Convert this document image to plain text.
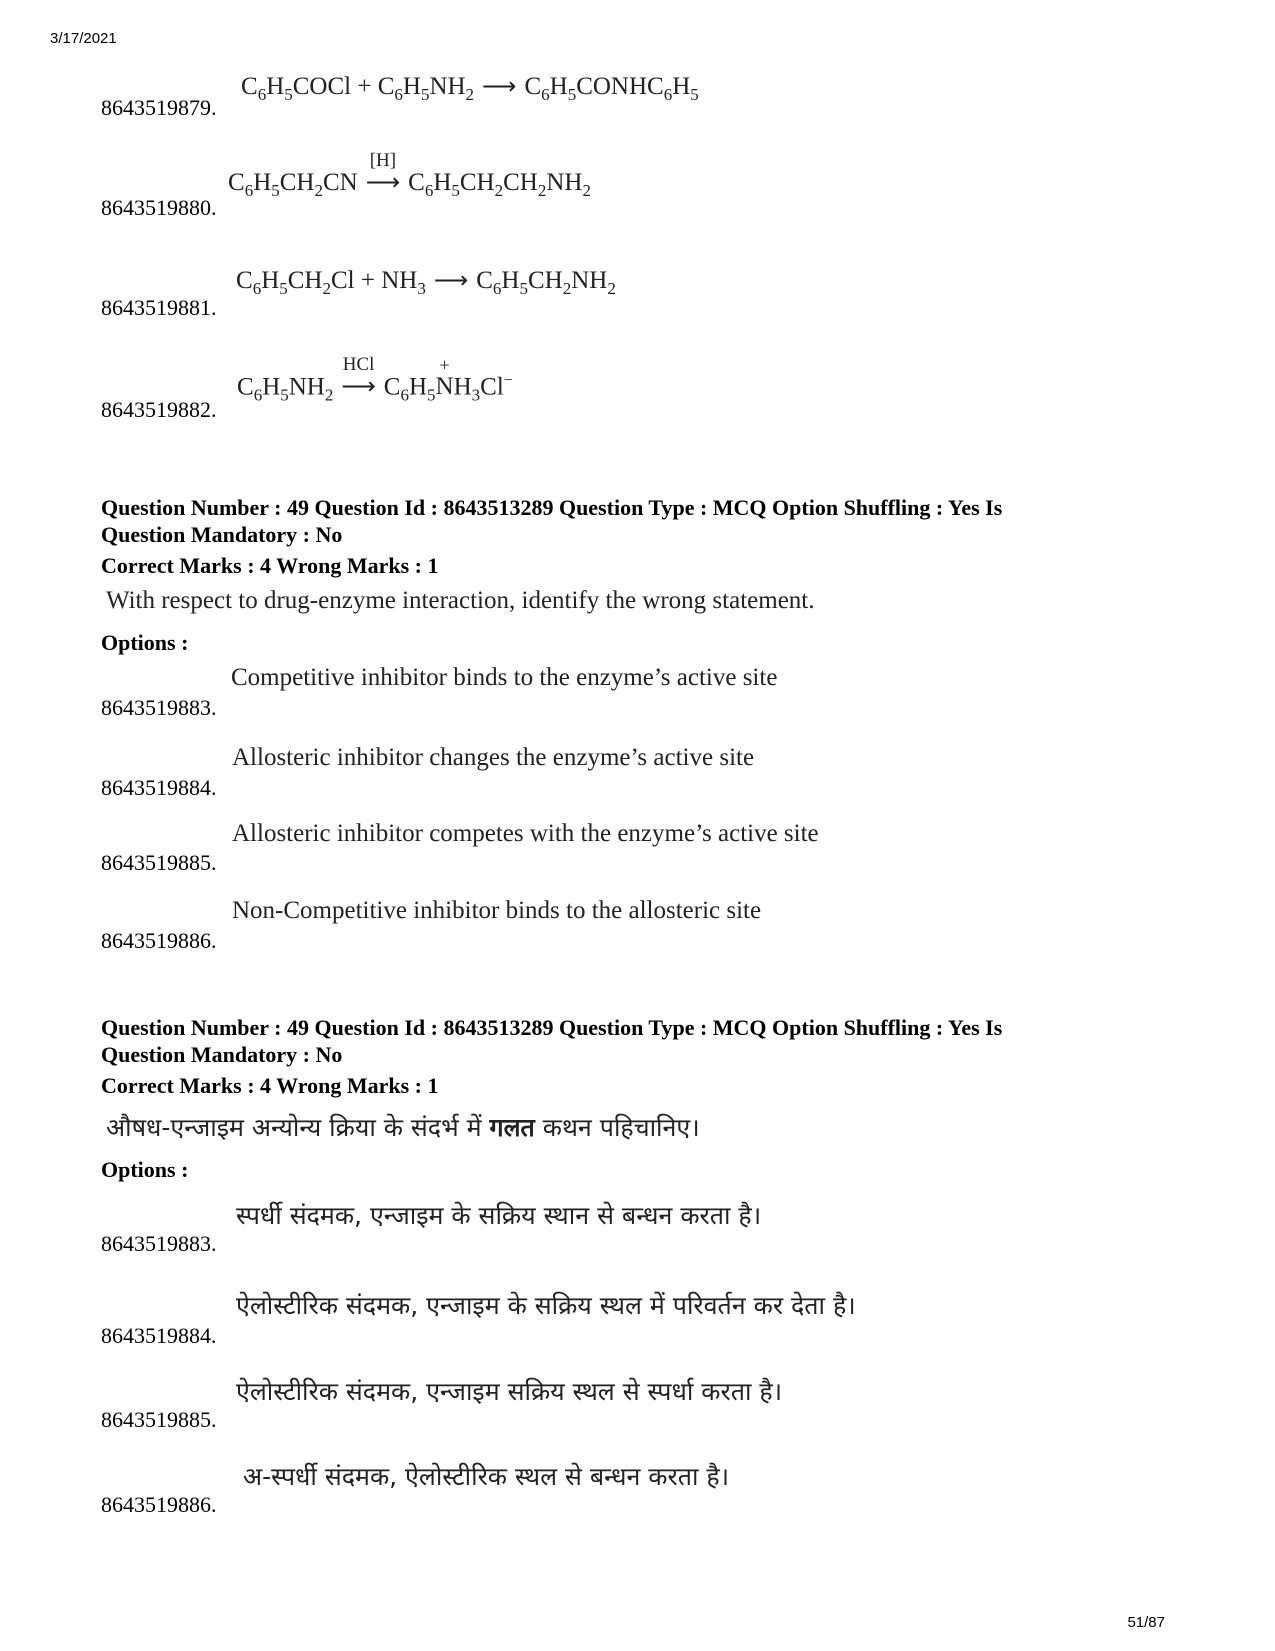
3/17/2021
8643519879.
$C_6H_5COCl + C_6H_5NH_2$ ⟶ $C_6H_5CONHC_6H_5$
8643519880.
$C_6H_5CH_2CN$
[H]
⟶ $C_6H_5CH_2CH_2NH_2$
8643519881.
$C_6H_5CH_2Cl + NH_3$ ⟶ $C_6H_5CH_2NH_2$
8643519882.
$C_6H_5NH_2$
HCl
⟶ $C_6H_5$
+
$NH_3Cl^-$
Question Number : 49 Question Id : 8643513289 Question Type : MCQ Option Shuffling : Yes Is
Question Mandatory : No
Correct Marks : 4 Wrong Marks : 1
With respect to drug-enzyme interaction, identify the wrong statement.
Options :
8643519883.
Competitive inhibitor binds to the enzyme’s active site
8643519884.
Allosteric inhibitor changes the enzyme’s active site
8643519885.
Allosteric inhibitor competes with the enzyme’s active site
8643519886.
Non-Competitive inhibitor binds to the allosteric site
Question Number : 49 Question Id : 8643513289 Question Type : MCQ Option Shuffling : Yes Is
Question Mandatory : No
Correct Marks : 4 Wrong Marks : 1
औषध-एन्जाइम अन्योन्य क्रिया के संदर्भ में गलत कथन पहिचानिए।
Options :
8643519883.
स्पर्धी संदमक, एन्जाइम के सक्रिय स्थान से बन्धन करता है।
8643519884.
ऐलोस्टीरिक संदमक, एन्जाइम के सक्रिय स्थल में परिवर्तन कर देता है।
8643519885.
ऐलोस्टीरिक संदमक, एन्जाइम सक्रिय स्थल से स्पर्धा करता है।
8643519886.
अ-स्पर्धी संदमक, ऐलोस्टीरिक स्थल से बन्धन करता है।
51/87
